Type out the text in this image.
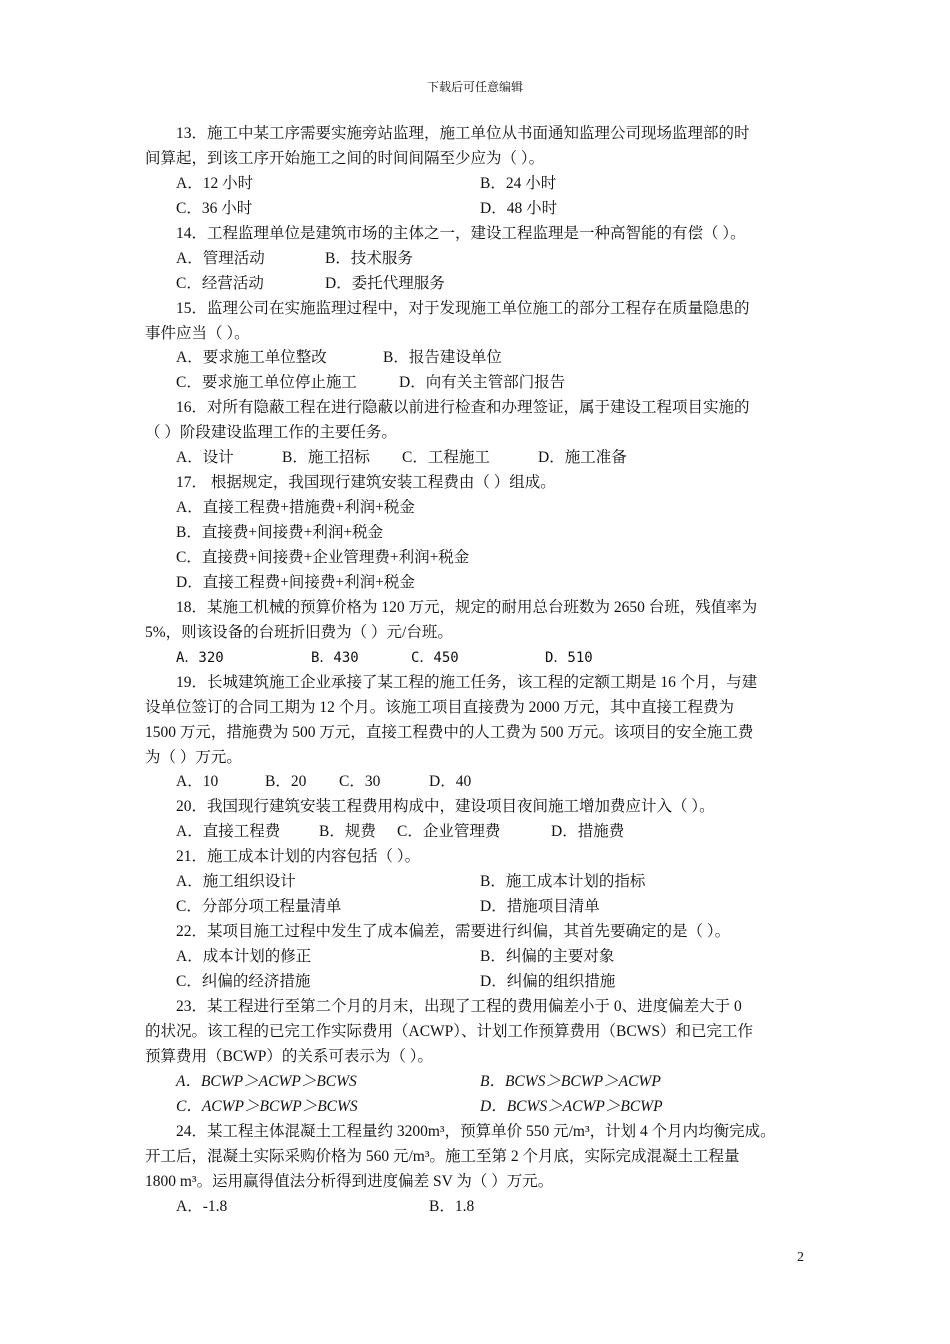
下载后可任意编辑
13．施工中某工序需要实施旁站监理，施工单位从书面通知监理公司现场监理部的时
间算起，到该工序开始施工之间的时间间隔至少应为（ ）。
A．12 小时	B．24 小时
C．36 小时	D．48 小时
14．工程监理单位是建筑市场的主体之一，建设工程监理是一种高智能的有偿（ ）。
A．管理活动	B．技术服务
C．经营活动	D．委托代理服务
15．监理公司在实施监理过程中，对于发现施工单位施工的部分工程存在质量隐患的
事件应当（ ）。
A．要求施工单位整改	B．报告建设单位
C．要求施工单位停止施工	D．向有关主管部门报告
16．对所有隐蔽工程在进行隐蔽以前进行检查和办理签证，属于建设工程项目实施的
（ ）阶段建设监理工作的主要任务。
A．设计	B．施工招标 C．工程施工	D．施工准备
17． 根据规定，我国现行建筑安装工程费由（ ）组成。
A．直接工程费+措施费+利润+税金
B．直接费+间接费+利润+税金
C．直接费+间接费+企业管理费+利润+税金
D．直接工程费+间接费+利润+税金
18．某施工机械的预算价格为 120 万元，规定的耐用总台班数为 2650 台班，残值率为
5%，则该设备的台班折旧费为（ ）元/台班。
A．320	B．430	C．450	D．510
19．长城建筑施工企业承接了某工程的施工任务，该工程的定额工期是 16 个月，与建
设单位签订的合同工期为 12 个月。该施工项目直接费为 2000 万元，其中直接工程费为
1500 万元，措施费为 500 万元，直接工程费中的人工费为 500 万元。该项目的安全施工费
为（ ）万元。
A．10	B．20 C．30	D．40
20．我国现行建筑安装工程费用构成中，建设项目夜间施工增加费应计入（ ）。
A．直接工程费	B．规费 C．企业管理费	D．措施费
21．施工成本计划的内容包括（ ）。
A．施工组织设计	B．施工成本计划的指标
C．分部分项工程量清单	D．措施项目清单
22．某项目施工过程中发生了成本偏差，需要进行纠偏，其首先要确定的是（ ）。
A．成本计划的修正	B．纠偏的主要对象
C．纠偏的经济措施	D．纠偏的组织措施
23．某工程进行至第二个月的月末，出现了工程的费用偏差小于 0、进度偏差大于 0
的状况。该工程的已完工作实际费用（ACWP）、计划工作预算费用（BCWS）和已完工作
预算费用（BCWP）的关系可表示为（ ）。
A．BCWP＞ACWP＞BCWS	B．BCWS＞BCWP＞ACWP
C．ACWP＞BCWP＞BCWS	D．BCWS＞ACWP＞BCWP
24．某工程主体混凝土工程量约 3200m³，预算单价 550 元/m³，计划 4 个月内均衡完成。
开工后，混凝土实际采购价格为 560 元/m³。施工至第 2 个月底，实际完成混凝土工程量
1800 m³。运用赢得值法分析得到进度偏差 SV 为（ ）万元。
A．-1.8	B．1.8
2
